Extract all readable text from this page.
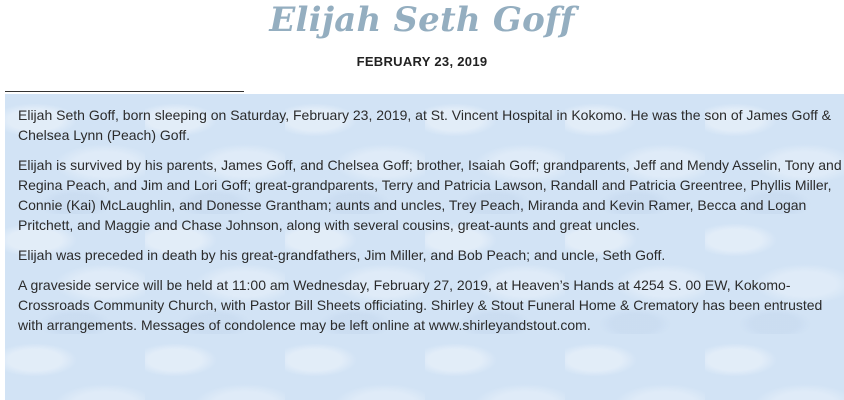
Elijah Seth Goff
FEBRUARY 23, 2019

Elijah Seth Goff, born sleeping on Saturday, February 23, 2019, at St. Vincent Hospital in Kokomo. He was the son of James Goff & Chelsea Lynn (Peach) Goff.

Elijah is survived by his parents, James Goff, and Chelsea Goff; brother, Isaiah Goff; grandparents, Jeff and Mendy Asselin, Tony and Regina Peach, and Jim and Lori Goff; great-grandparents, Terry and Patricia Lawson, Randall and Patricia Greentree, Phyllis Miller, Connie (Kai) McLaughlin, and Donesse Grantham; aunts and uncles, Trey Peach, Miranda and Kevin Ramer, Becca and Logan Pritchett, and Maggie and Chase Johnson, along with several cousins, great-aunts and great uncles.

Elijah was preceded in death by his great-grandfathers, Jim Miller, and Bob Peach; and uncle, Seth Goff.

A graveside service will be held at 11:00 am Wednesday, February 27, 2019, at Heaven’s Hands at 4254 S. 00 EW, Kokomo- Crossroads Community Church, with Pastor Bill Sheets officiating. Shirley & Stout Funeral Home & Crematory has been entrusted with arrangements. Messages of condolence may be left online at www.shirleyandstout.com.
